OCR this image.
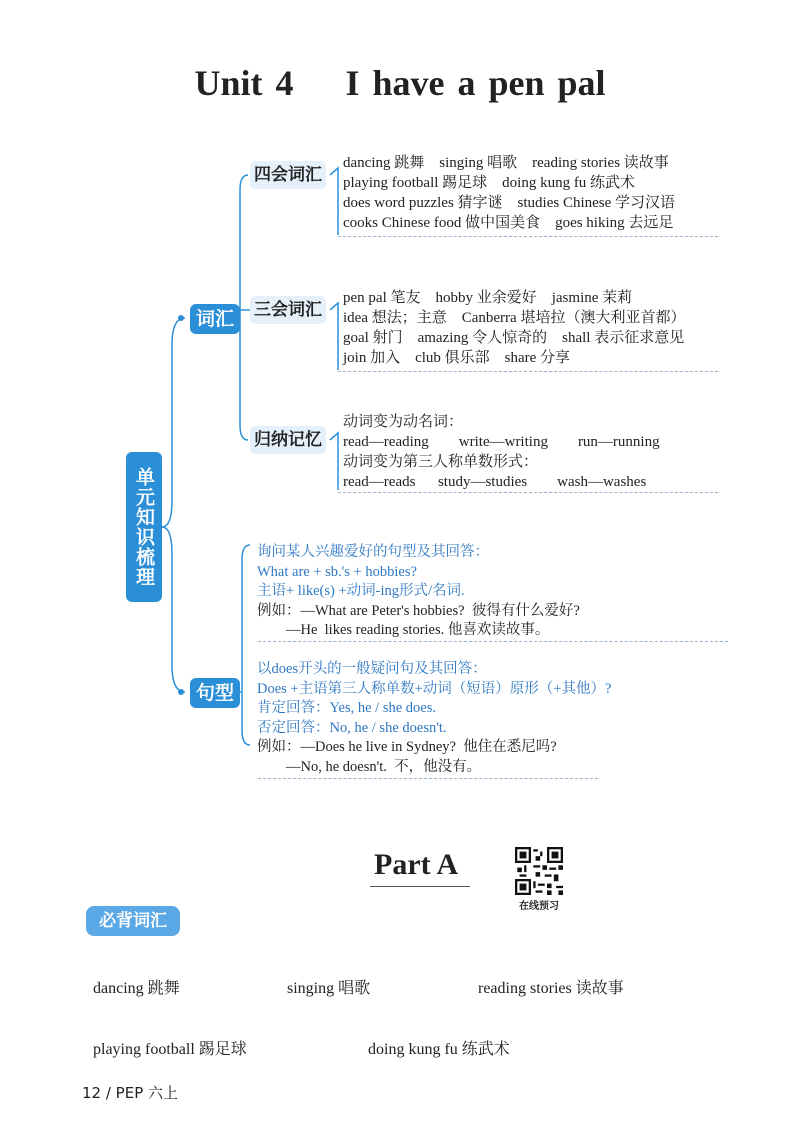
Unit 4    I have a pen pal
单元知识梳理
词汇
句型
四会词汇
三会词汇
归纳记忆
dancing 跳舞    singing 唱歌    reading stories 读故事
playing football 踢足球    doing kung fu 练武术
does word puzzles 猜字谜    studies Chinese 学习汉语
cooks Chinese food 做中国美食    goes hiking 去远足
pen pal 笔友    hobby 业余爱好    jasmine 茉莉
idea 想法；主意    Canberra 堪培拉（澳大利亚首都）
goal 射门    amazing 令人惊奇的    shall 表示征求意见
join 加入    club 俱乐部    share 分享
动词变为动名词：
read—reading        write—writing        run—running
动词变为第三人称单数形式：
read—reads      study—studies        wash—washes
询问某人兴趣爱好的句型及其回答：
What are + sb.'s + hobbies?
主语+ like(s) +动词-ing形式/名词.
例如：—What are Peter's hobbies?  彼得有什么爱好?
—He  likes reading stories. 他喜欢读故事。
以does开头的一般疑问句及其回答：
Does +主语第三人称单数+动词（短语）原形（+其他）?
肯定回答：Yes, he / she does.
否定回答：No, he / she doesn't.
例如：—Does he live in Sydney?  他住在悉尼吗?
—No, he doesn't.  不，他没有。
Part A
在线预习
必背词汇
dancing 跳舞	singing 唱歌	reading stories 读故事
playing football 踢足球	doing kung fu 练武术
12 / PEP 六上
